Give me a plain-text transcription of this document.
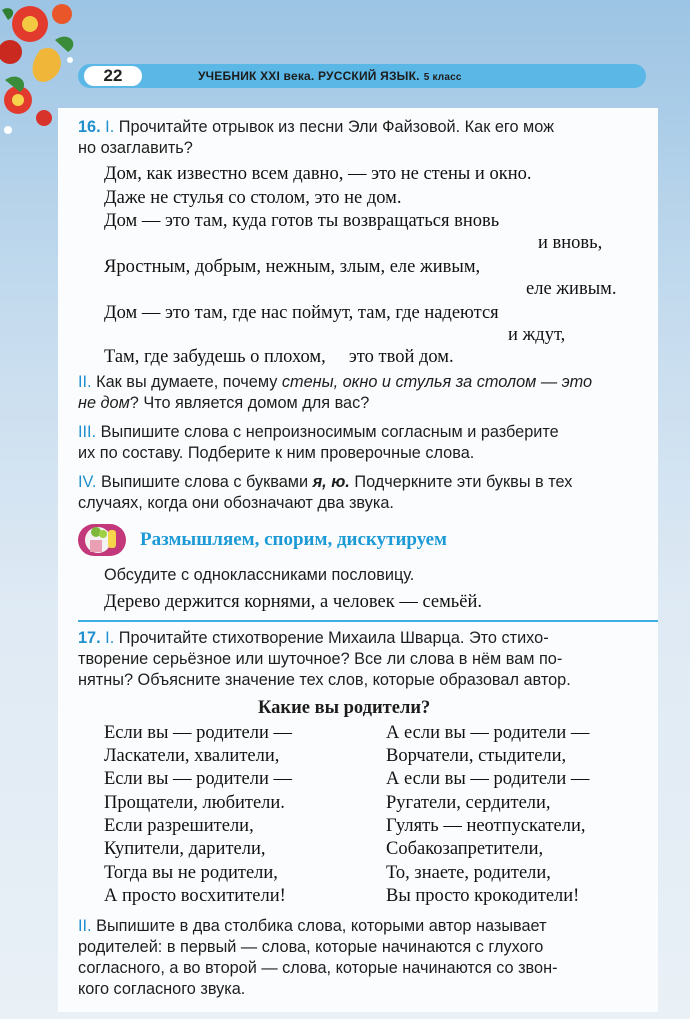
22	УЧЕБНИК XXI века. РУССКИЙ ЯЗЫК. 5 класс
16. I. Прочитайте отрывок из песни Эли Файзовой. Как его мож
но озаглавить?
Дом, как известно всем давно, — это не стены и окно.
Даже не стулья со столом, это не дом.
Дом — это там, куда готов ты возвращаться вновь
и вновь,
Яростным, добрым, нежным, злым, еле живым,
еле живым.
Дом — это там, где нас поймут, там, где надеются
и ждут,
Там, где забудешь о плохом,     это твой дом.
II. Как вы думаете, почему стены, окно и стулья за столом — это
не дом? Что является домом для вас?
III. Выпишите слова с непроизносимым согласным и разберите
их по составу. Подберите к ним проверочные слова.
IV. Выпишите слова с буквами я, ю. Подчеркните эти буквы в тех
случаях, когда они обозначают два звука.
Размышляем, спорим, дискутируем
Обсудите с одноклассниками пословицу.
Дерево держится корнями, а человек — семьёй.
17. I. Прочитайте стихотворение Михаила Шварца. Это стихо-
творение серьёзное или шуточное? Все ли слова в нём вам по-
нятны? Объясните значение тех слов, которые образовал автор.
Какие вы родители?
Если вы — родители —
Ласкатели, хвалители,
Если вы — родители —
Прощатели, любители.
Если разрешители,
Купители, дарители,
Тогда вы не родители,
А просто восхитители!
А если вы — родители —
Ворчатели, стыдители,
А если вы — родители —
Ругатели, сердители,
Гулять — неотпускатели,
Собакозапретители,
То, знаете, родители,
Вы просто крокодители!
II. Выпишите в два столбика слова, которыми автор называет
родителей: в первый — слова, которые начинаются с глухого
согласного, а во второй — слова, которые начинаются со звон-
кого согласного звука.
